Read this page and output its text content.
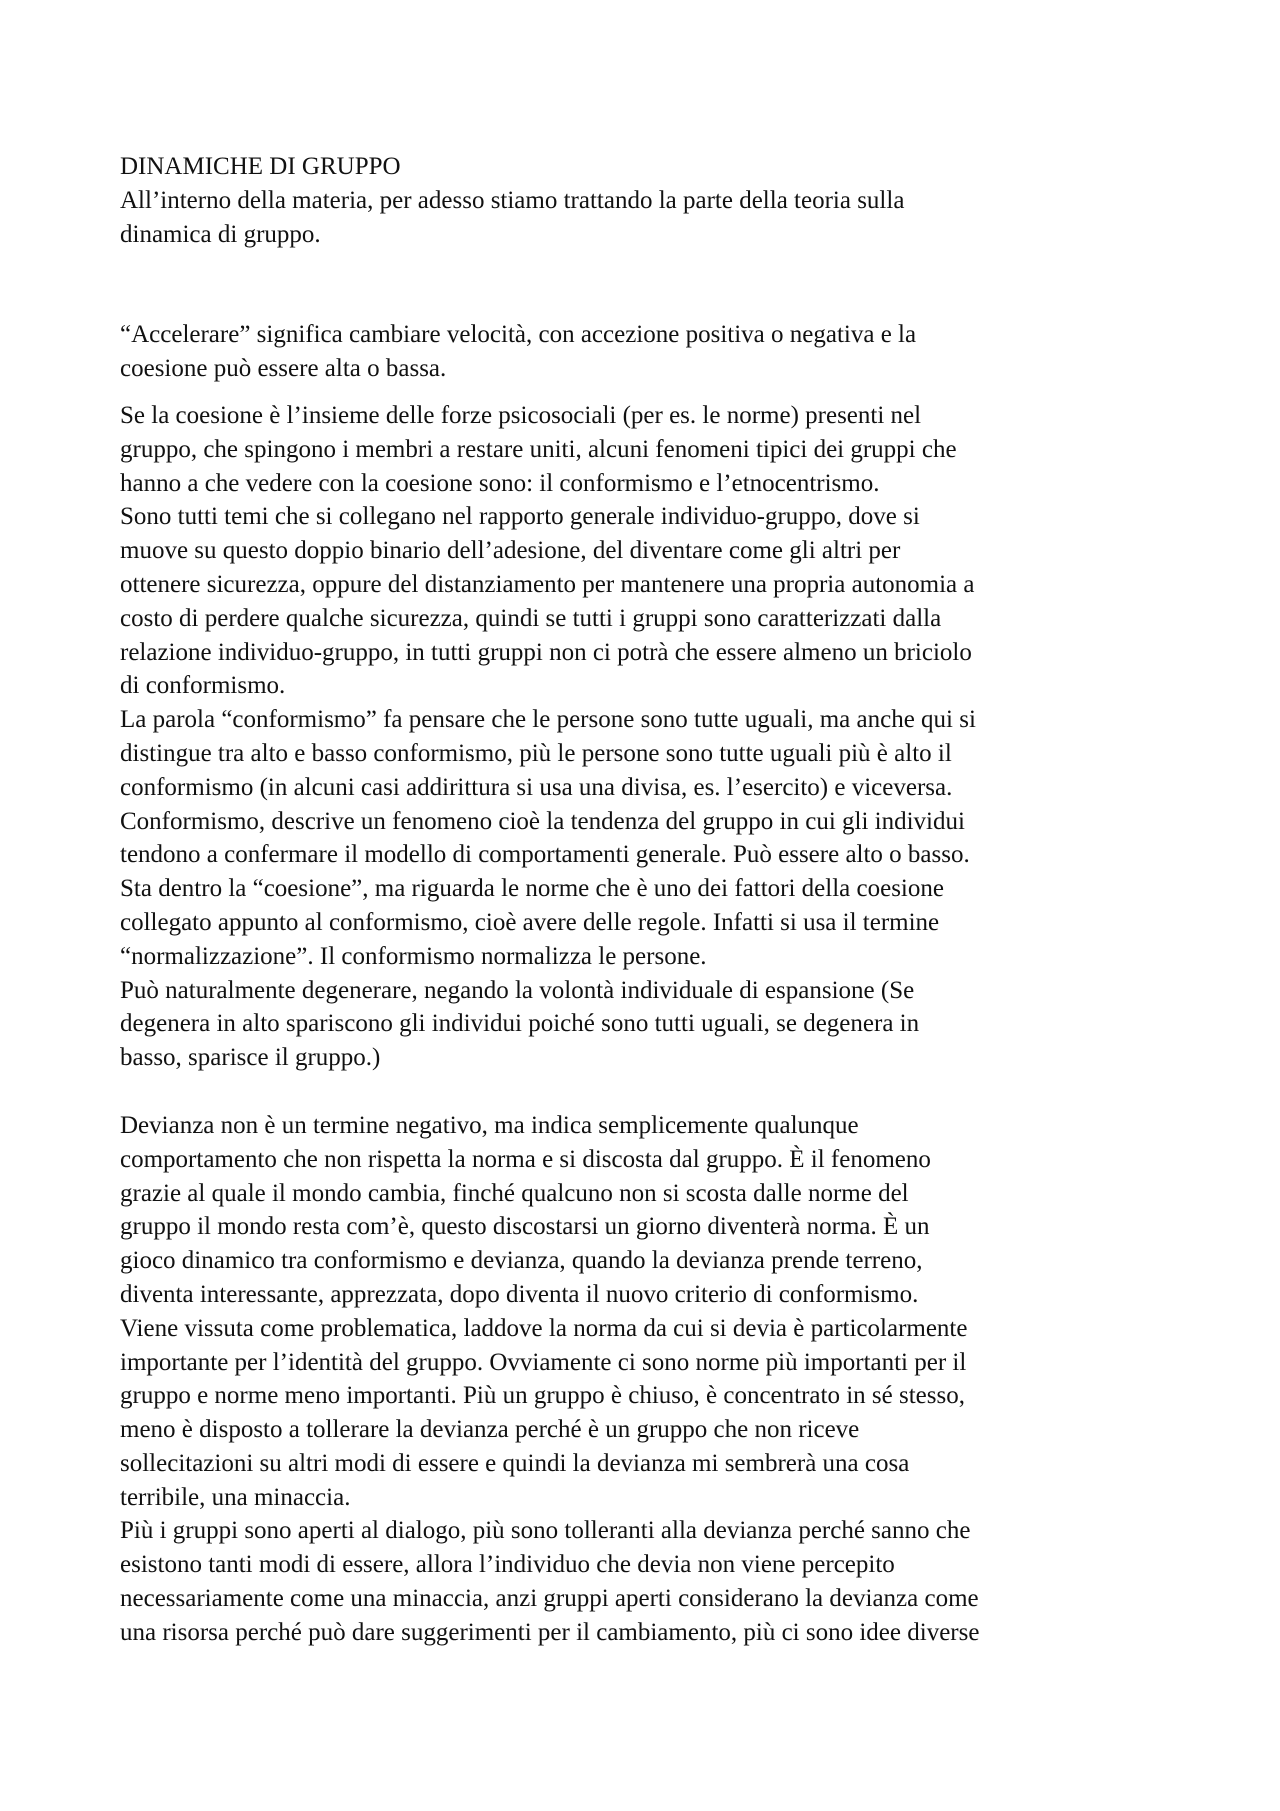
DINAMICHE DI GRUPPO
All’interno della materia, per adesso stiamo trattando la parte della teoria sulla
dinamica di gruppo.
“Accelerare” significa cambiare velocità, con accezione positiva o negativa e la
coesione può essere alta o bassa.
Se la coesione è l’insieme delle forze psicosociali (per es. le norme) presenti nel
gruppo, che spingono i membri a restare uniti, alcuni fenomeni tipici dei gruppi che
hanno a che vedere con la coesione sono: il conformismo e l’etnocentrismo.
Sono tutti temi che si collegano nel rapporto generale individuo-gruppo, dove si
muove su questo doppio binario dell’adesione, del diventare come gli altri per
ottenere sicurezza, oppure del distanziamento per mantenere una propria autonomia a
costo di perdere qualche sicurezza, quindi se tutti i gruppi sono caratterizzati dalla
relazione individuo-gruppo, in tutti gruppi non ci potrà che essere almeno un briciolo
di conformismo.
La parola “conformismo” fa pensare che le persone sono tutte uguali, ma anche qui si
distingue tra alto e basso conformismo, più le persone sono tutte uguali più è alto il
conformismo (in alcuni casi addirittura si usa una divisa, es. l’esercito) e viceversa.
Conformismo, descrive un fenomeno cioè la tendenza del gruppo in cui gli individui
tendono a confermare il modello di comportamenti generale. Può essere alto o basso.
Sta dentro la “coesione”, ma riguarda le norme che è uno dei fattori della coesione
collegato appunto al conformismo, cioè avere delle regole. Infatti si usa il termine
“normalizzazione”. Il conformismo normalizza le persone.
Può naturalmente degenerare, negando la volontà individuale di espansione (Se
degenera in alto spariscono gli individui poiché sono tutti uguali, se degenera in
basso, sparisce il gruppo.)
Devianza non è un termine negativo, ma indica semplicemente qualunque
comportamento che non rispetta la norma e si discosta dal gruppo. È il fenomeno
grazie al quale il mondo cambia, finché qualcuno non si scosta dalle norme del
gruppo il mondo resta com’è, questo discostarsi un giorno diventerà norma. È un
gioco dinamico tra conformismo e devianza, quando la devianza prende terreno,
diventa interessante, apprezzata, dopo diventa il nuovo criterio di conformismo.
Viene vissuta come problematica, laddove la norma da cui si devia è particolarmente
importante per l’identità del gruppo. Ovviamente ci sono norme più importanti per il
gruppo e norme meno importanti. Più un gruppo è chiuso, è concentrato in sé stesso,
meno è disposto a tollerare la devianza perché è un gruppo che non riceve
sollecitazioni su altri modi di essere e quindi la devianza mi sembrerà una cosa
terribile, una minaccia.
Più i gruppi sono aperti al dialogo, più sono tolleranti alla devianza perché sanno che
esistono tanti modi di essere, allora l’individuo che devia non viene percepito
necessariamente come una minaccia, anzi gruppi aperti considerano la devianza come
una risorsa perché può dare suggerimenti per il cambiamento, più ci sono idee diverse
